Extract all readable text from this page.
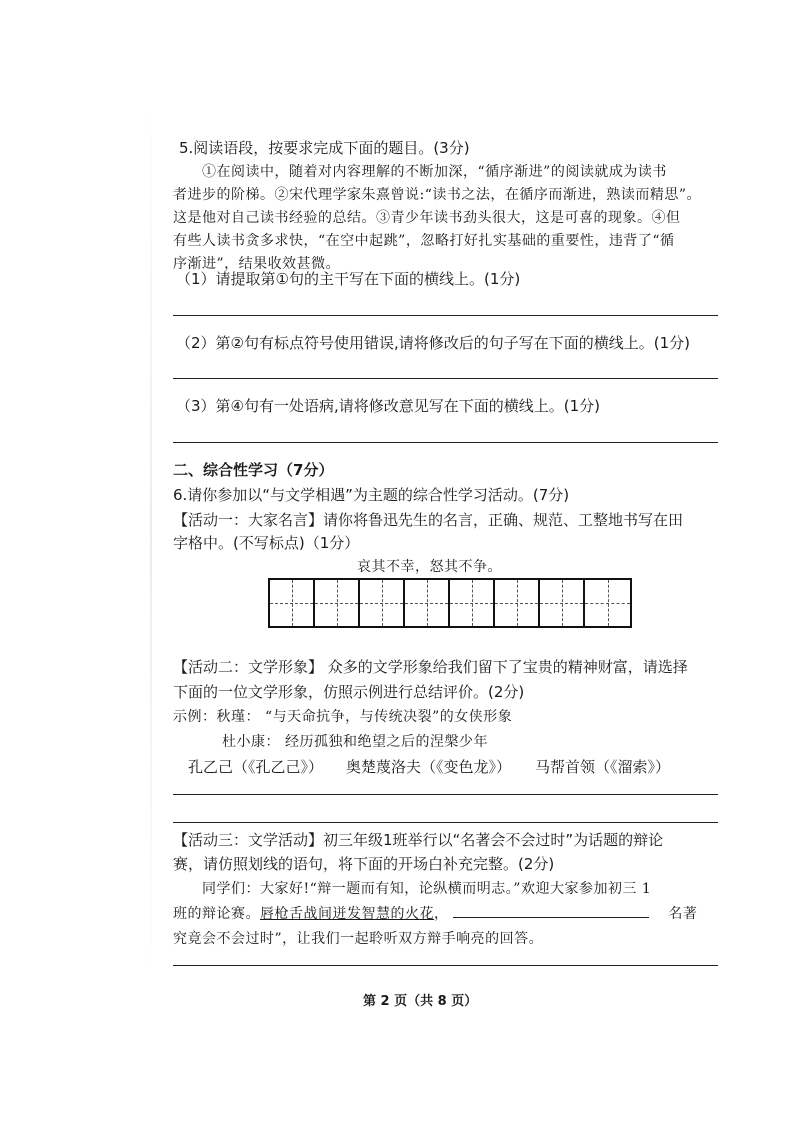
5.阅读语段，按要求完成下面的题目。(3分)
①在阅读中，随着对内容理解的不断加深，“循序渐进”的阅读就成为读书
者进步的阶梯。②宋代理学家朱熹曾说:“读书之法，在循序而渐进，熟读而精思”。
这是他对自己读书经验的总结。③青少年读书劲头很大，这是可喜的现象。④但
有些人读书贪多求快，“在空中起跳”，忽略打好扎实基础的重要性，违背了“循
序渐进”，结果收效甚微。
（1）请提取第①句的主干写在下面的横线上。(1分)
（2）第②句有标点符号使用错误,请将修改后的句子写在下面的横线上。(1分)
（3）第④句有一处语病,请将修改意见写在下面的横线上。(1分)
二、综合性学习（7分）
6.请你参加以“与文学相遇”为主题的综合性学习活动。(7分)
【活动一：大家名言】请你将鲁迅先生的名言，正确、规范、工整地书写在田
字格中。(不写标点)（1分）
哀其不幸，怒其不争。
【活动二：文学形象】 众多的文学形象给我们留下了宝贵的精神财富，请选择
下面的一位文学形象，仿照示例进行总结评价。(2分)
示例：秋瑾： “与天命抗争，与传统决裂”的女侠形象
杜小康： 经历孤独和绝望之后的涅槃少年
孔乙己（《孔乙己》） 奥楚蔑洛夫（《变色龙》） 马帮首领（《溜索》）
【活动三：文学活动】初三年级1班举行以“名著会不会过时”为话题的辩论
赛，请仿照划线的语句，将下面的开场白补充完整。(2分)
同学们：大家好!“辩一题而有知，论纵横而明志。”欢迎大家参加初三 1
班的辩论赛。唇枪舌战间迸发智慧的火花，	名著
究竟会不会过时”，让我们一起聆听双方辩手响亮的回答。
第 2 页（共 8 页）
